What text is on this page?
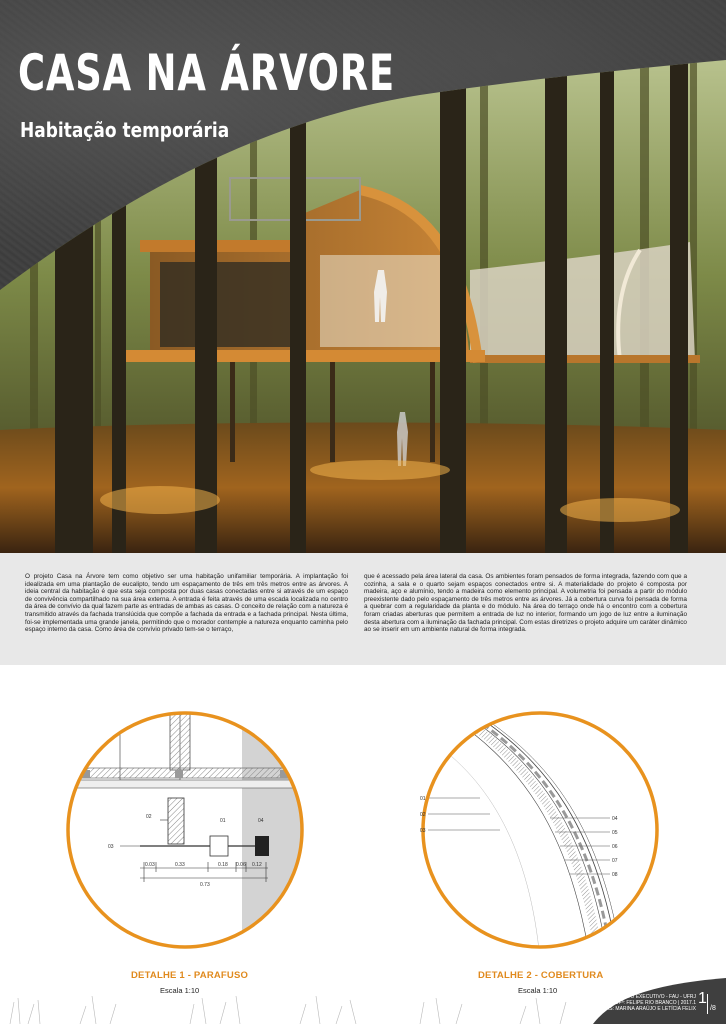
CASA NA ÁRVORE
Habitação temporária

O projeto Casa na Árvore tem como objetivo ser uma habitação unifamiliar temporária. A implantação foi idealizada em uma plantação de eucalipto, tendo um espaçamento de três em três metros entre as árvores. A ideia central da habitação é que esta seja composta por duas casas conectadas entre si através de um espaço de convivência compartilhado na sua área externa. A entrada é feita através de uma escada localizada no centro da área de convívio da qual fazem parte as entradas de ambas as casas. O conceito de relação com a natureza é transmitido através da fachada translúcida que compõe a fachada da entrada e a fachada principal. Nesta última, foi-se implementada uma grande janela, permitindo que o morador contemple a natureza enquanto caminha pelo espaço interno da casa. Como área de convívio privado tem-se o terraço,

que é acessado pela área lateral da casa. Os ambientes foram pensados de forma integrada, fazendo com que a cozinha, a sala e o quarto sejam espaços conectados entre si. A materialidade do projeto é composta por madeira, aço e alumínio, tendo a madeira como elemento principal. A volumetria foi pensada a partir do módulo preexistente dado pelo espaçamento de três metros entre as árvores. Já a cobertura curva foi pensada de forma a quebrar com a regularidade da planta e do módulo. Na área do terraço onde há o encontro com a cobertura foram criadas aberturas que permitem a entrada de luz no interior, formando um jogo de luz entre a iluminação desta abertura com a iluminação da fachada principal. Com estas diretrizes o projeto adquire um caráter dinâmico ao se inserir em um ambiente natural de forma integrada.

02
01	04
03
0.03	0.33	0.18 0.06 0.12
0.73
DETALHE 1 - PARAFUSO
Escala 1:10
01
02
03
04
05
06
07
08
DETALHE 2 - COBERTURA
Escala 1:10
PROJETO EXECUTIVO - FAU - UFRJ
PROFª: FELIPE RIO BRANCO | 2017.1
ALUNAS: MARINA ARAÚJO E LETÍCIA FELIX
1
/8
